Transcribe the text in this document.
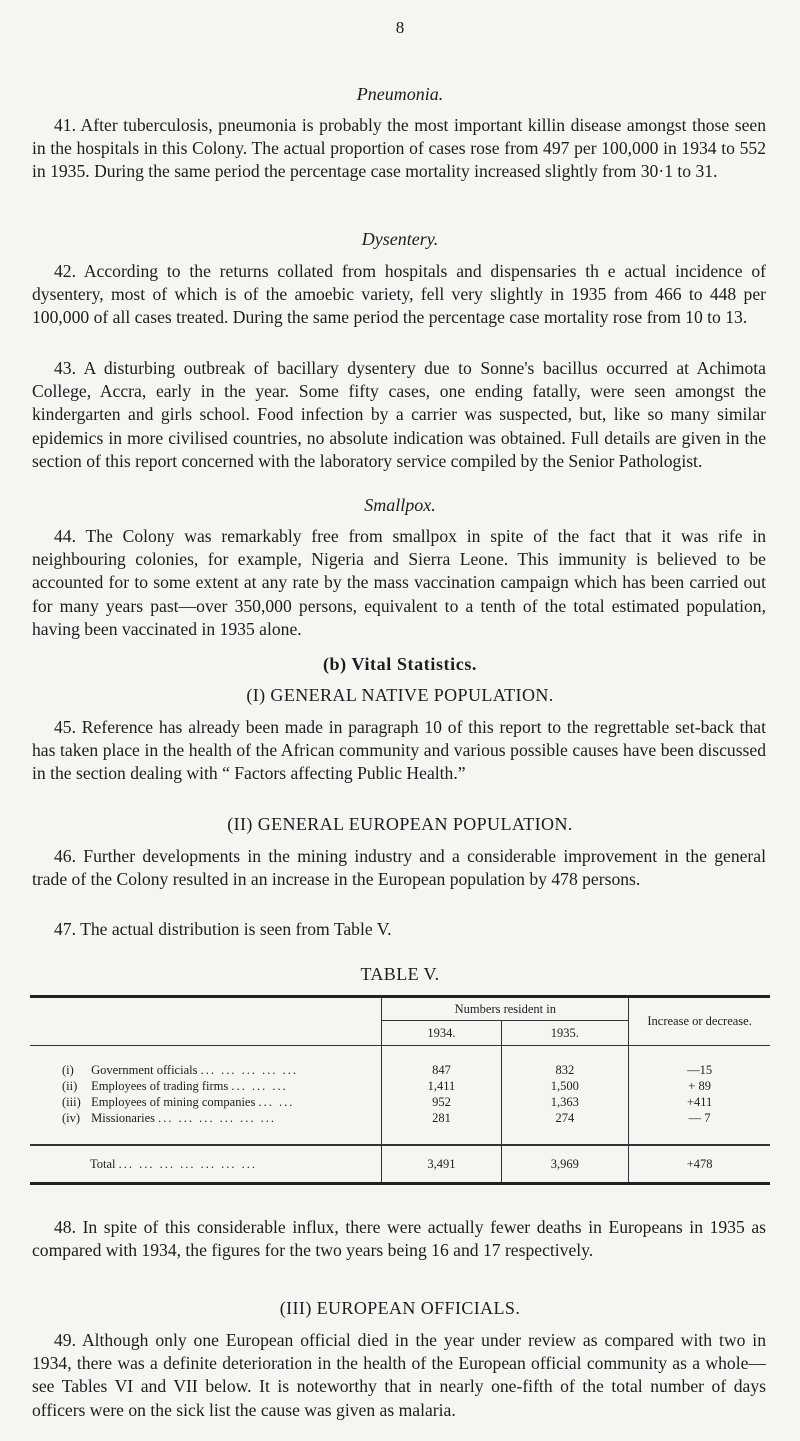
8
Pneumonia.

41. After tuberculosis, pneumonia is probably the most important killin disease amongst those seen in the hospitals in this Colony. The actual proportion of cases rose from 497 per 100,000 in 1934 to 552 in 1935. During the same period the percentage case mortality increased slightly from 30·1 to 31.

Dysentery.

42. According to the returns collated from hospitals and dispensaries th e actual incidence of dysentery, most of which is of the amoebic variety, fell very slightly in 1935 from 466 to 448 per 100,000 of all cases treated. During the same period the percentage case mortality rose from 10 to 13.

43. A disturbing outbreak of bacillary dysentery due to Sonne's bacillus occurred at Achimota College, Accra, early in the year. Some fifty cases, one ending fatally, were seen amongst the kindergarten and girls school. Food infection by a carrier was suspected, but, like so many similar epidemics in more civilised countries, no absolute indication was obtained. Full details are given in the section of this report concerned with the laboratory service compiled by the Senior Pathologist.

Smallpox.

44. The Colony was remarkably free from smallpox in spite of the fact that it was rife in neighbouring colonies, for example, Nigeria and Sierra Leone. This immunity is believed to be accounted for to some extent at any rate by the mass vaccination campaign which has been carried out for many years past—over 350,000 persons, equivalent to a tenth of the total estimated population, having been vaccinated in 1935 alone.

(b) Vital Statistics.
(I) GENERAL NATIVE POPULATION.

45. Reference has already been made in paragraph 10 of this report to the regrettable set-back that has taken place in the health of the African community and various possible causes have been discussed in the section dealing with “ Factors affecting Public Health.”

(II) GENERAL EUROPEAN POPULATION.

46. Further developments in the mining industry and a considerable improvement in the general trade of the Colony resulted in an increase in the European population by 478 persons.

47. The actual distribution is seen from Table V.

TABLE V.
	Numbers resident in		Increase or decrease.
	1934.	1935.	
(i) Government officials ... ... ... ... ...	847	832	—15
(ii) Employees of trading firms ... ... ...	1,411	1,500	+ 89
(iii) Employees of mining companies ... ...	952	1,363	+411
(iv) Missionaries ... ... ... ... ... ...	281	274	— 7
Total ... ... ... ... ... ... ...	3,491	3,969	+478

48. In spite of this considerable influx, there were actually fewer deaths in Europeans in 1935 as compared with 1934, the figures for the two years being 16 and 17 respectively.

(III) EUROPEAN OFFICIALS.

49. Although only one European official died in the year under review as compared with two in 1934, there was a definite deterioration in the health of the European official community as a whole—see Tables VI and VII below. It is noteworthy that in nearly one-fifth of the total number of days officers were on the sick list the cause was given as malaria.
